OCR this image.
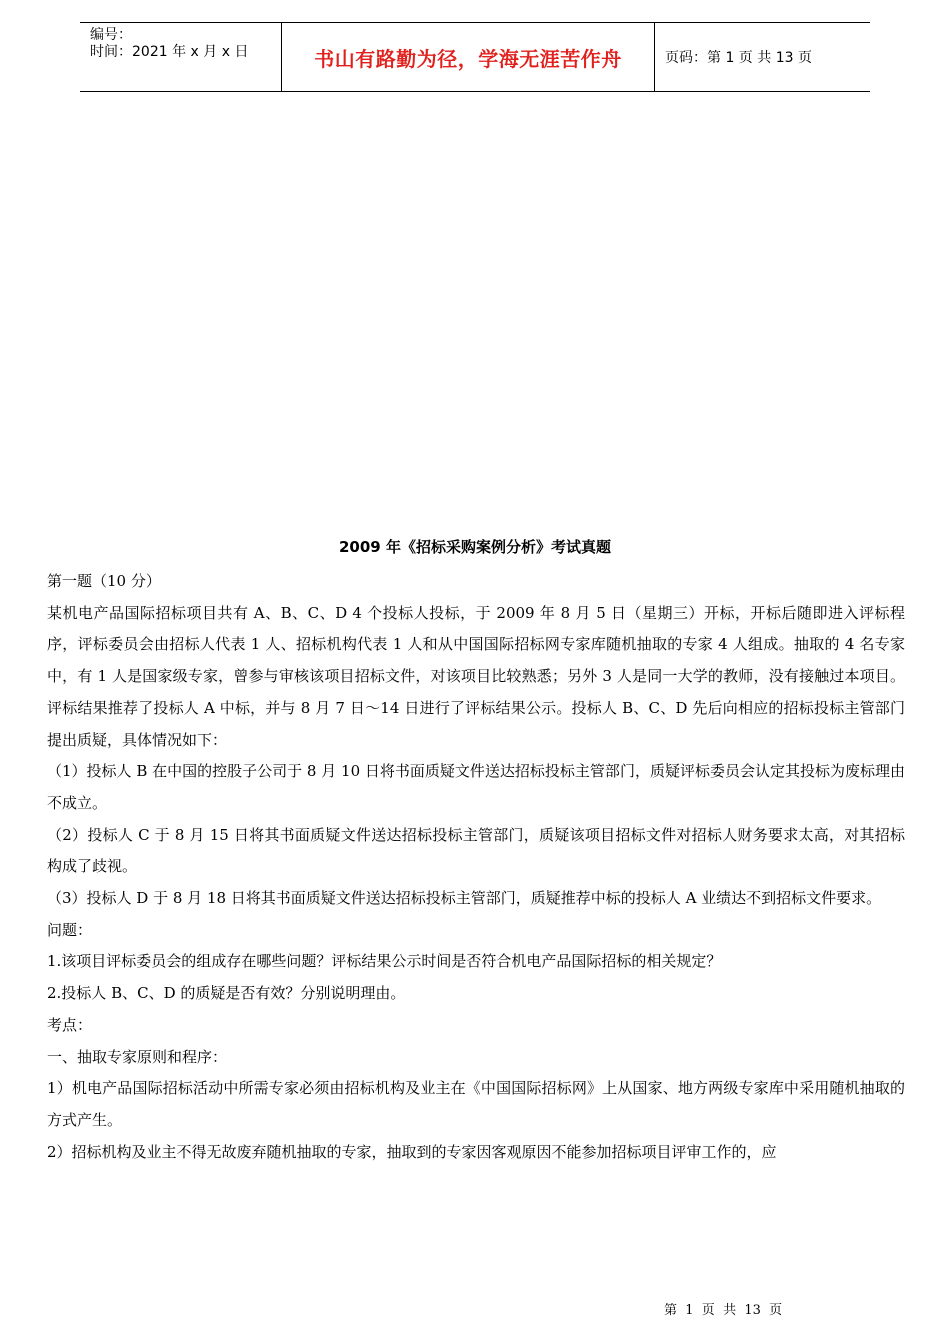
编号：
时间：2021 年 x 月 x 日	书山有路勤为径，学海无涯苦作舟	页码：第 1 页 共 13 页
2009 年《招标采购案例分析》考试真题

第一题（10 分）

某机电产品国际招标项目共有 A、B、C、D 4 个投标人投标，于 2009 年 8 月 5 日（星期三）开标，开标后随即进入评标程序，评标委员会由招标人代表 1 人、招标机构代表 1 人和从中国国际招标网专家库随机抽取的专家 4 人组成。抽取的 4 名专家中，有 1 人是国家级专家，曾参与审核该项目招标文件，对该项目比较熟悉；另外 3 人是同一大学的教师，没有接触过本项目。评标结果推荐了投标人 A 中标，并与 8 月 7 日～14 日进行了评标结果公示。投标人 B、C、D 先后向相应的招标投标主管部门提出质疑，具体情况如下：

（1）投标人 B 在中国的控股子公司于 8 月 10 日将书面质疑文件送达招标投标主管部门，质疑评标委员会认定其投标为废标理由不成立。

（2）投标人 C 于 8 月 15 日将其书面质疑文件送达招标投标主管部门，质疑该项目招标文件对招标人财务要求太高，对其招标构成了歧视。

（3）投标人 D 于 8 月 18 日将其书面质疑文件送达招标投标主管部门，质疑推荐中标的投标人 A 业绩达不到招标文件要求。

问题：

1.该项目评标委员会的组成存在哪些问题？评标结果公示时间是否符合机电产品国际招标的相关规定？

2.投标人 B、C、D 的质疑是否有效？分别说明理由。

考点：

一、抽取专家原则和程序：

1）机电产品国际招标活动中所需专家必须由招标机构及业主在《中国国际招标网》上从国家、地方两级专家库中采用随机抽取的方式产生。

2）招标机构及业主不得无故废弃随机抽取的专家，抽取到的专家因客观原因不能参加招标项目评审工作的，应

第  1  页  共  13  页
